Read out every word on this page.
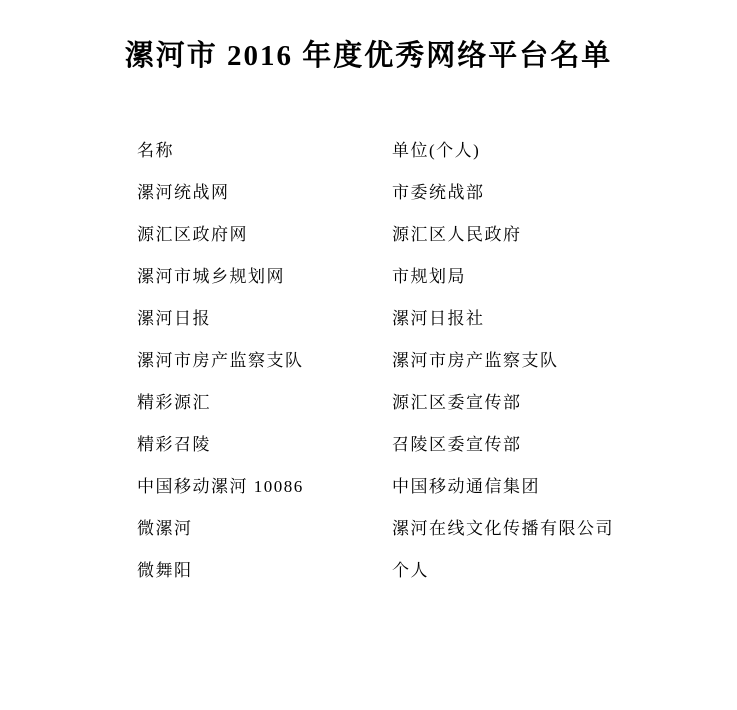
漯河市 2016 年度优秀网络平台名单
名称	单位(个人)
漯河统战网	市委统战部
源汇区政府网	源汇区人民政府
漯河市城乡规划网	市规划局
漯河日报	漯河日报社
漯河市房产监察支队	漯河市房产监察支队
精彩源汇	源汇区委宣传部
精彩召陵	召陵区委宣传部
中国移动漯河 10086	中国移动通信集团
微漯河	漯河在线文化传播有限公司
微舞阳	个人
